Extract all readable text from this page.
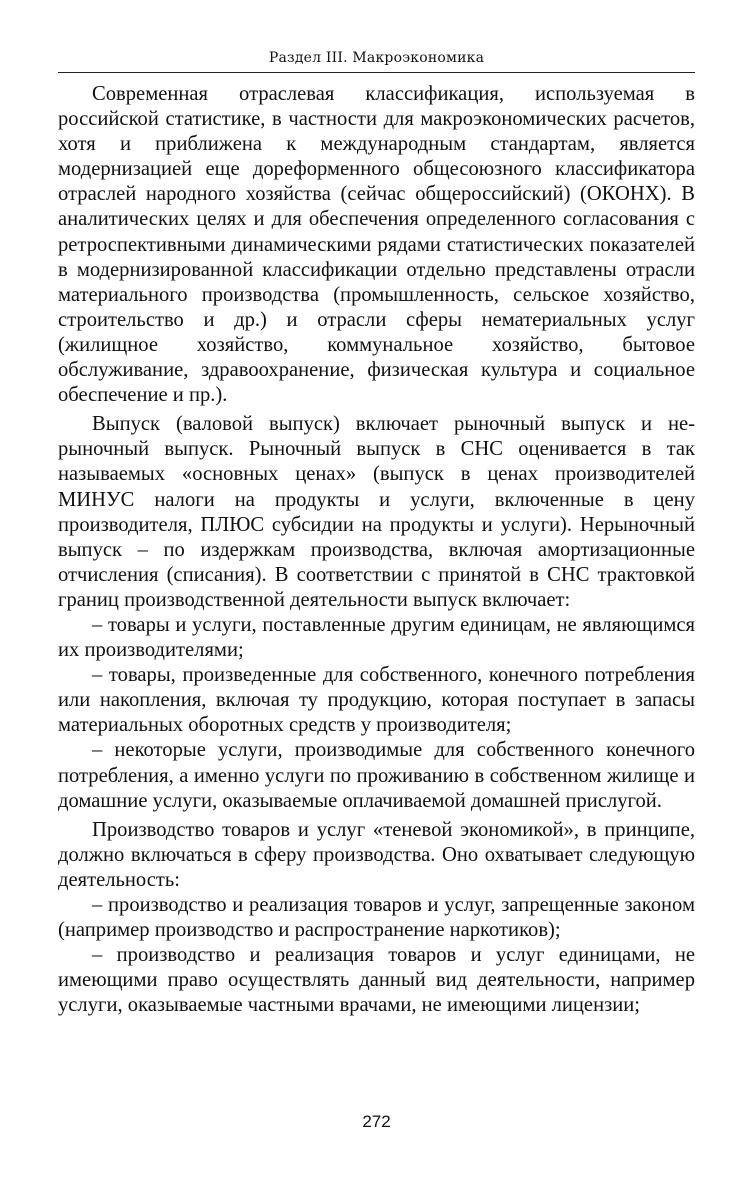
Раздел III. Макроэкономика

Современная отраслевая классификация, используемая в российской статистике, в частности для макроэкономических расчетов, хотя и приближена к международным стандартам, является модернизацией еще дореформенного общесоюзного классификатора отраслей народного хозяйства (сейчас общероссийский) (ОКОНХ). В аналитических целях и для обеспечения определенного согласования с ретроспективными динамическими рядами статистических показателей в модернизированной классификации отдельно представлены отрасли материального производства (промышленность, сельское хозяйство, строительство и др.) и отрасли сферы нематериальных услуг (жилищное хозяйство, коммунальное хозяйство, бытовое обслуживание, здравоохранение, физическая культура и социальное обеспечение и пр.).

Выпуск (валовой выпуск) включает рыночный выпуск и нерыночный выпуск. Рыночный выпуск в СНС оценивается в так называемых «основных ценах» (выпуск в ценах производителей МИНУС налоги на продукты и услуги, включенные в цену производителя, ПЛЮС субсидии на продукты и услуги). Нерыночный выпуск – по издержкам производства, включая амортизационные отчисления (списания). В соответствии с принятой в СНС трактовкой границ производственной деятельности выпуск включает:

– товары и услуги, поставленные другим единицам, не являющимся их производителями;

– товары, произведенные для собственного, конечного потребления или накопления, включая ту продукцию, которая поступает в запасы материальных оборотных средств у производителя;

– некоторые услуги, производимые для собственного конечного потребления, а именно услуги по проживанию в собственном жилище и домашние услуги, оказываемые оплачиваемой домашней прислугой.

Производство товаров и услуг «теневой экономикой», в принципе, должно включаться в сферу производства. Оно охватывает следующую деятельность:

– производство и реализация товаров и услуг, запрещенные законом (например производство и распространение наркотиков);

– производство и реализация товаров и услуг единицами, не имеющими право осуществлять данный вид деятельности, например услуги, оказываемые частными врачами, не имеющими лицензии;

272
